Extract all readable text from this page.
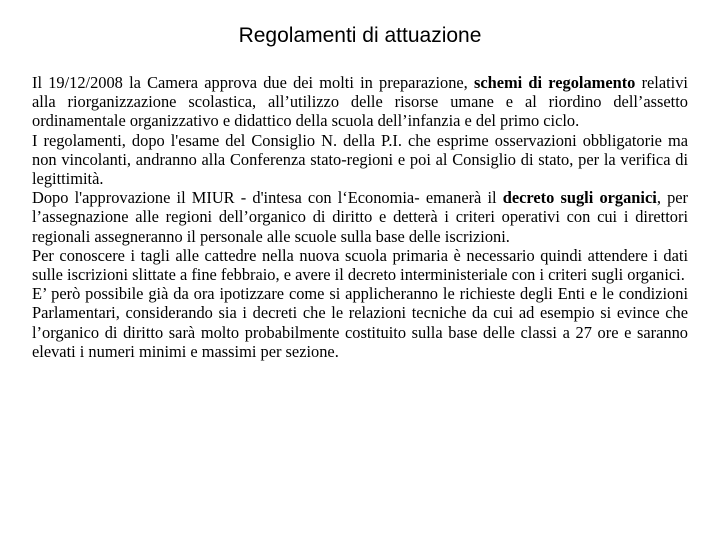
Regolamenti di attuazione

Il 19/12/2008 la Camera approva due dei molti in preparazione, schemi di regolamento relativi alla riorganizzazione scolastica, all’utilizzo delle risorse umane e al riordino dell’assetto ordinamentale organizzativo e didattico della scuola dell’infanzia e del primo ciclo.

I regolamenti, dopo l'esame del Consiglio N. della P.I. che esprime osservazioni obbligatorie ma non vincolanti, andranno alla Conferenza stato-regioni e poi al Consiglio di stato, per la verifica di legittimità.

Dopo l'approvazione il MIUR - d'intesa con l‘Economia- emanerà il decreto sugli organici, per l’assegnazione alle regioni dell’organico di diritto e detterà i criteri operativi con cui i direttori regionali assegneranno il personale alle scuole sulla base delle iscrizioni.

Per conoscere i tagli alle cattedre nella nuova scuola primaria è necessario quindi attendere i dati sulle iscrizioni slittate a fine febbraio, e avere il decreto interministeriale con i criteri sugli organici.

E’ però possibile già da ora ipotizzare come si applicheranno le richieste degli Enti e le condizioni Parlamentari, considerando sia i decreti che le relazioni tecniche da cui ad esempio si evince che l’organico di diritto sarà molto probabilmente costituito sulla base delle classi a 27 ore e saranno elevati i numeri minimi e massimi per sezione.
